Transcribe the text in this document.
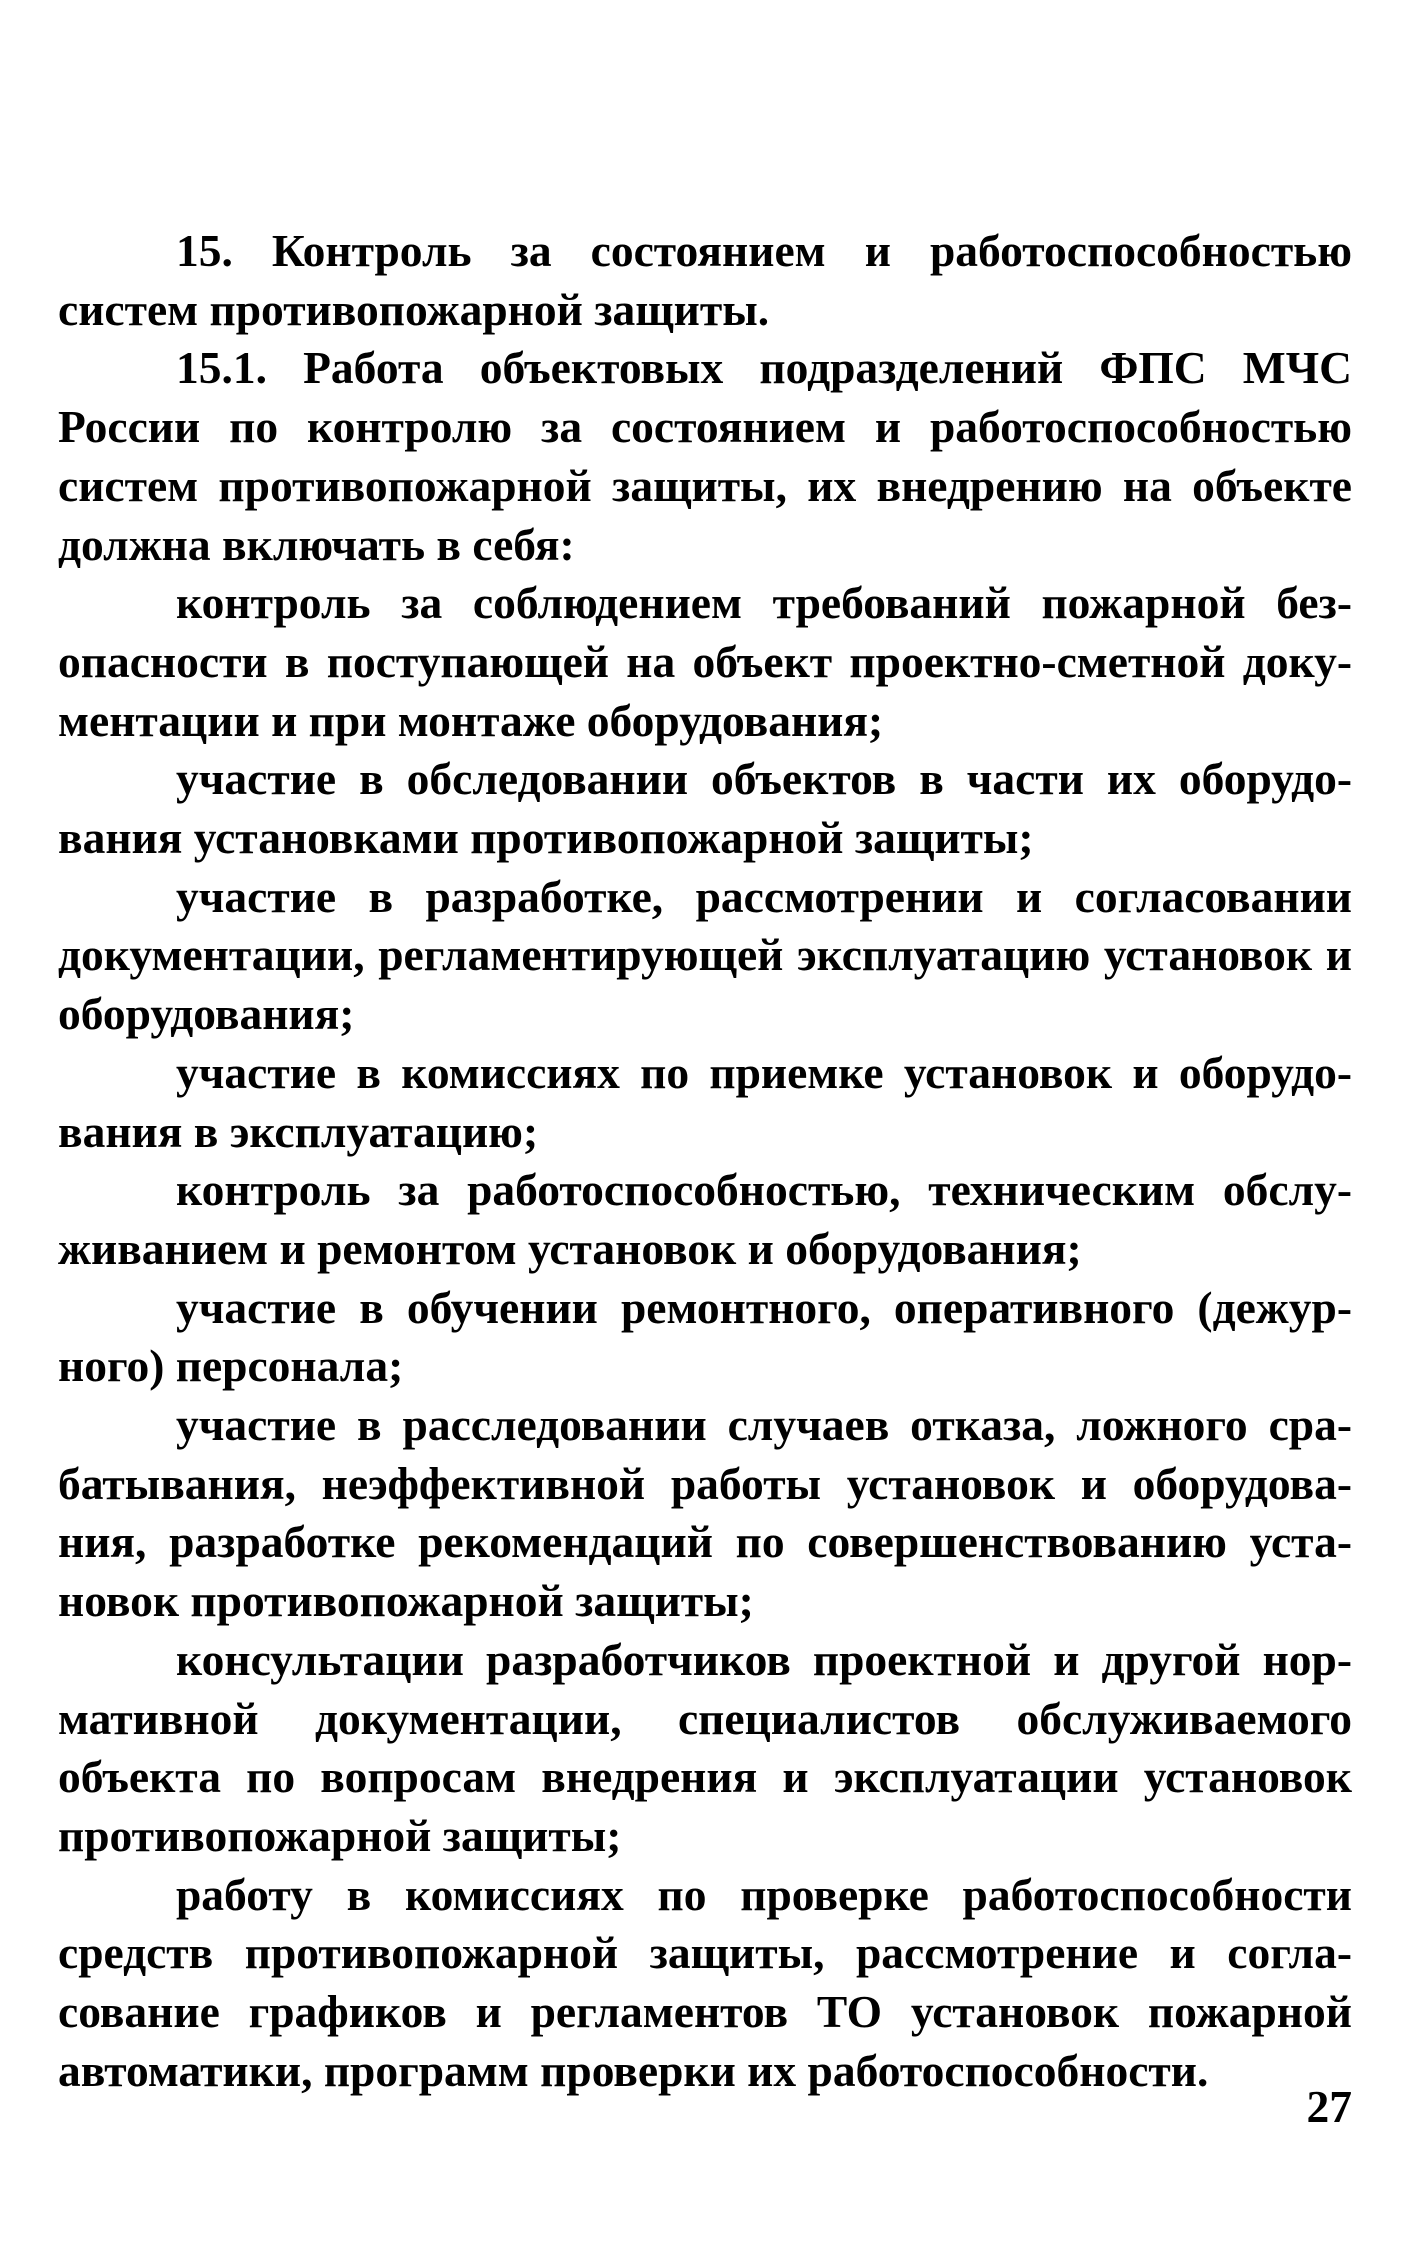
15. Контроль за состоянием и работоспособностью систем противопожарной защиты.

15.1. Работа объектовых подразделений ФПС МЧС России по контролю за состоянием и работоспособностью систем противопожарной защиты, их внедрению на объекте должна включать в себя:

контроль за соблюдением требований пожарной безопасности в поступающей на объект проектно-сметной документации и при монтаже оборудования;
участие в обследовании объектов в части их оборудования установками противопожарной защиты;
участие в разработке, рассмотрении и согласовании документации, регламентирующей эксплуатацию установок и оборудования;
участие в комиссиях по приемке установок и оборудования в эксплуатацию;
контроль за работоспособностью, техническим обслуживанием и ремонтом установок и оборудования;
участие в обучении ремонтного, оперативного (дежурного) персонала;
участие в расследовании случаев отказа, ложного срабатывания, неэффективной работы установок и оборудования, разработке рекомендаций по совершенствованию установок противопожарной защиты;
консультации разработчиков проектной и другой нормативной документации, специалистов обслуживаемого объекта по вопросам внедрения и эксплуатации установок противопожарной защиты;
работу в комиссиях по проверке работоспособности средств противопожарной защиты, рассмотрение и согласование графиков и регламентов ТО установок пожарной автоматики, программ проверки их работоспособности.
27
